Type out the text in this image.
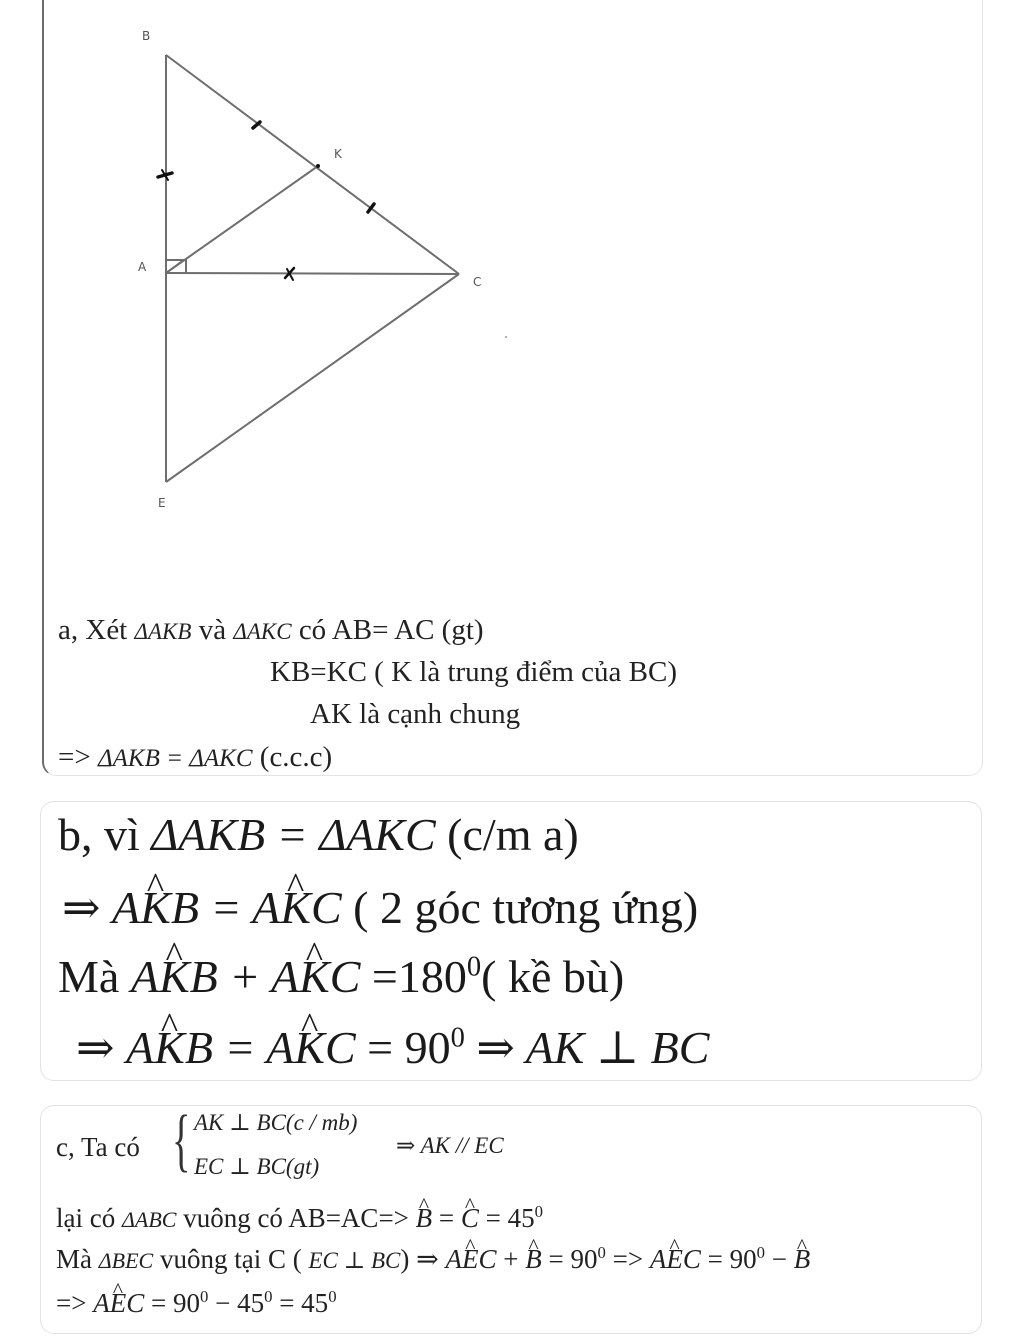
B
K
A
C
E
a, Xét ΔAKB và ΔAKC có AB= AC (gt)
KB=KC ( K là trung điểm của BC)
AK là cạnh chung
=> ΔAKB = ΔAKC (c.c.c)
b, vì ΔAKB = ΔAKC (c/m a)
⇒ A^ KB = A^ KC ( 2 góc tương ứng)
Mà A^ KB + A^ KC $=180^0$( kề bù)
⇒ A^ KB = A^ KC = $90^0$ ⇒ AK ⊥ BC
c, Ta có { AK ⊥ BC(c / mb)
EC ⊥ BC(gt)
⇒ AK // EC
lại có ΔABC vuông có AB=AC=> ^ B = ^ $C = 45^0$
Mà ΔBEC vuông tại C ( EC ⊥ BC) ⇒ A^ EC + ^ $B = 90^0$ => A^ EC = $90^0$ − ^ B
=> A^ EC = $90^0 - 45^0 = 45^0$
